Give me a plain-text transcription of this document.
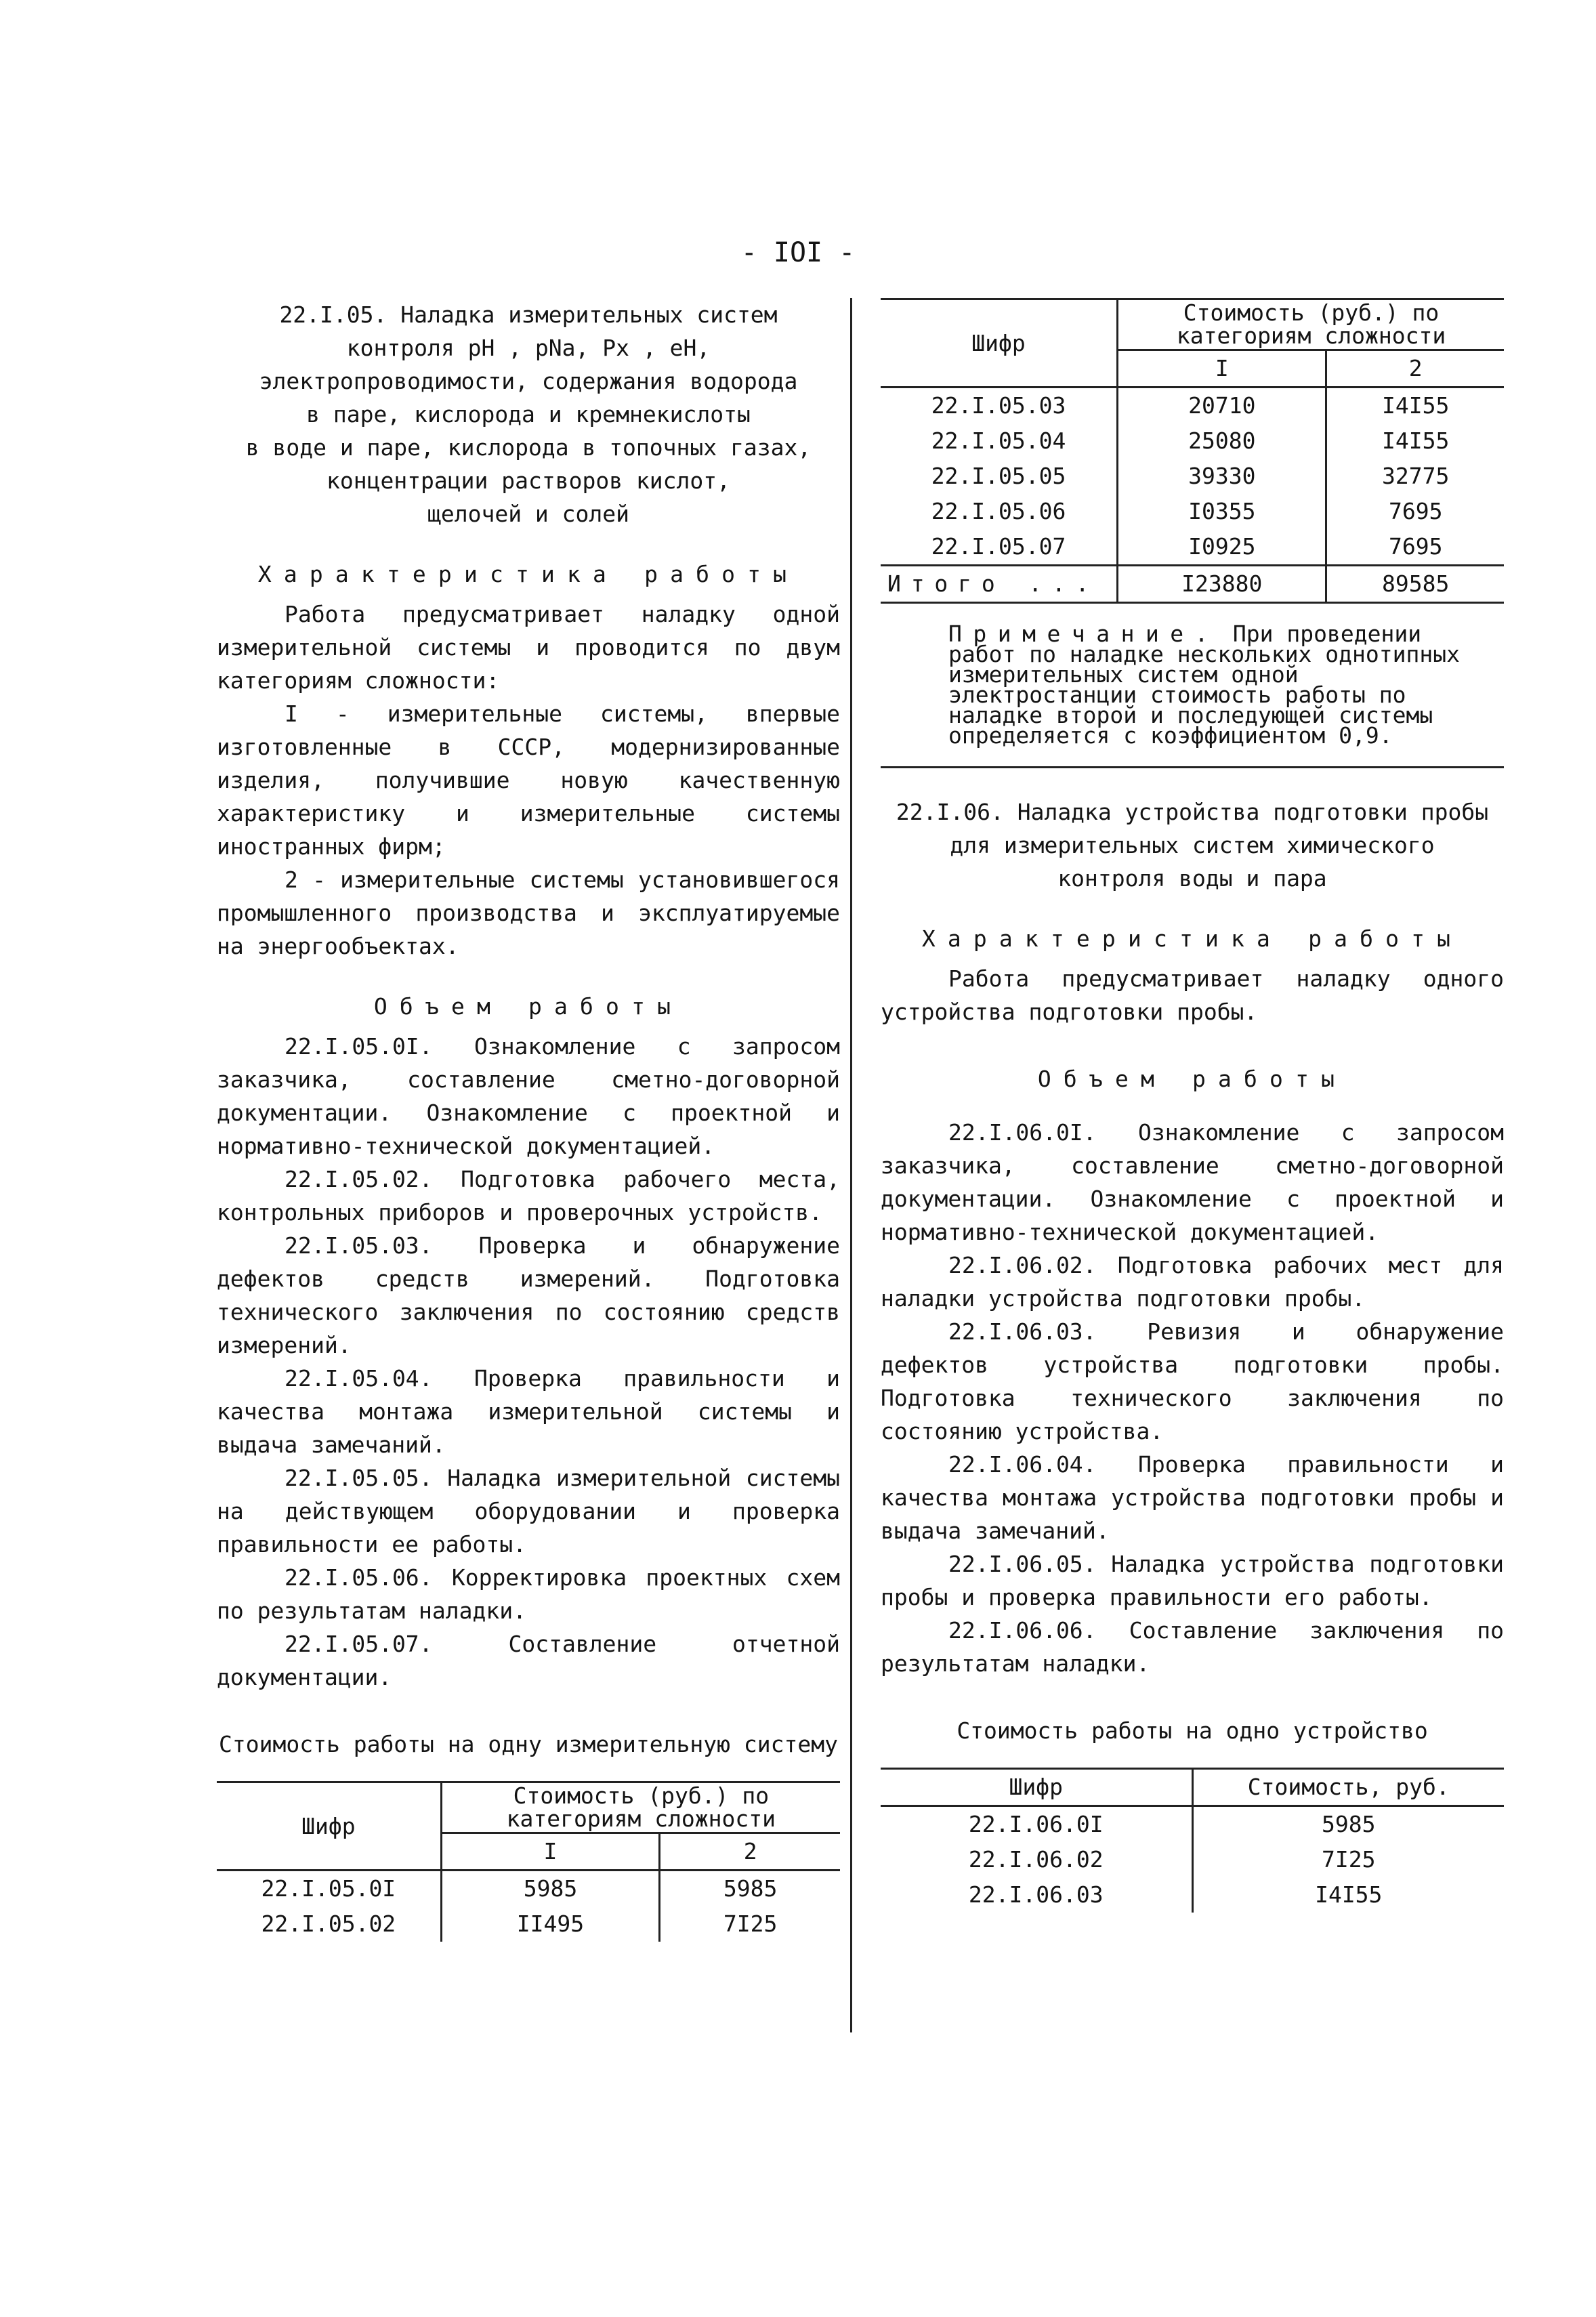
- IOI -
22.I.05. Наладка измерительных систем
контроля pH , pNa, Px , eH,
электропроводимости, содержания водорода
в паре, кислорода и кремнекислоты
в воде и паре, кислорода в топочных газах,
концентрации растворов кислот,
щелочей и солей
Характеристика работы

Работа предусматривает наладку одной измерительной системы и проводится по двум категориям сложности:

I - измерительные системы, впервые изготовленные в СССР, модернизированные изделия, получившие новую качественную характеристику и измерительные системы иностранных фирм;

2 - измерительные системы установившегося промышленного производства и эксплуатируемые на энергообъектах.

Объем работы

22.I.05.0I. Ознакомление с запросом заказчика, составление сметно-договорной документации. Ознакомление с проектной и нормативно-технической документацией.

22.I.05.02. Подготовка рабочего места, контрольных приборов и проверочных устройств.

22.I.05.03. Проверка и обнаружение дефектов средств измерений. Подготовка технического заключения по состоянию средств измерений.

22.I.05.04. Проверка правильности и качества монтажа измерительной системы и выдача замечаний.

22.I.05.05. Наладка измерительной системы на действующем оборудовании и проверка правильности ее работы.

22.I.05.06. Корректировка проектных схем по результатам наладки.

22.I.05.07. Составление отчетной документации.

Стоимость работы на одну измерительную систему
Шифр	Стоимость (руб.) по категориям сложности	
	I	2
22.I.05.0I	5985	5985
22.I.05.02	II495	7I25
Шифр	Стоимость (руб.) по категориям сложности	
	I	2
22.I.05.03	20710	I4I55
22.I.05.04	25080	I4I55
22.I.05.05	39330	32775
22.I.05.06	I0355	7695
22.I.05.07	I0925	7695
Итого ...	I23880	89585
Примечание. При проведении работ по наладке нескольких однотипных измерительных систем одной электростанции стоимость работы по наладке второй и последующей системы определяется с коэффициентом 0,9.
22.I.06. Наладка устройства подготовки пробы
для измерительных систем химического
контроля воды и пара
Характеристика работы

Работа предусматривает наладку одного устройства подготовки пробы.

Объем работы

22.I.06.0I. Ознакомление с запросом заказчика, составление сметно-договорной документации. Ознакомление с проектной и нормативно-технической документацией.

22.I.06.02. Подготовка рабочих мест для наладки устройства подготовки пробы.

22.I.06.03. Ревизия и обнаружение дефектов устройства подготовки пробы. Подготовка технического заключения по состоянию устройства.

22.I.06.04. Проверка правильности и качества монтажа устройства подготовки пробы и выдача замечаний.

22.I.06.05. Наладка устройства подготовки пробы и проверка правильности его работы.

22.I.06.06. Составление заключения по результатам наладки.

Стоимость работы на одно устройство
Шифр	Стоимость, руб.
22.I.06.0I	5985
22.I.06.02	7I25
22.I.06.03	I4I55
